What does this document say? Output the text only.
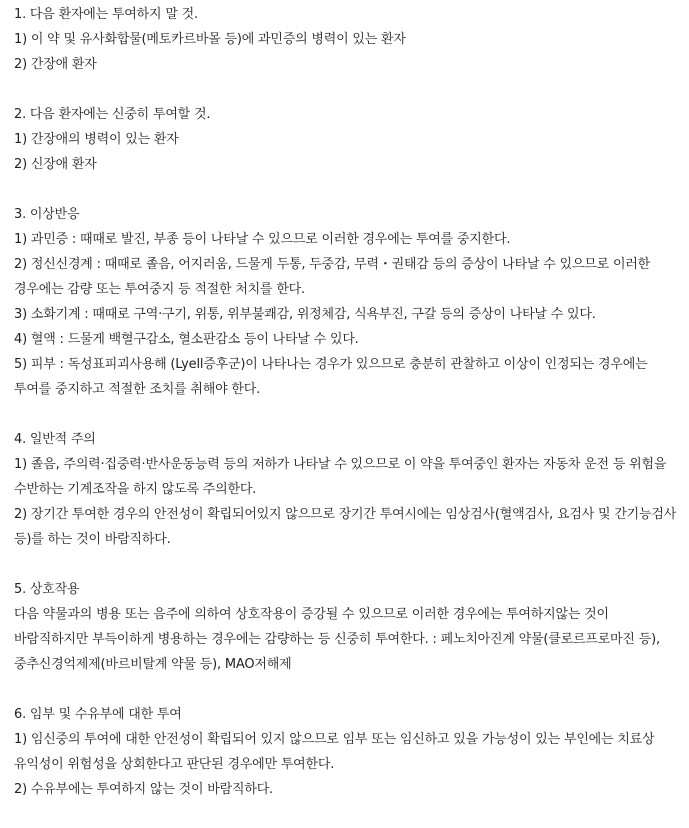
1. 다음 환자에는 투여하지 말 것.
1) 이 약 및 유사화합물(메토카르바몰 등)에 과민증의 병력이 있는 환자
2) 간장애 환자
2. 다음 환자에는 신중히 투여할 것.
1) 간장애의 병력이 있는 환자
2) 신장애 환자
3. 이상반응
1) 과민증 : 때때로 발진, 부종 등이 나타날 수 있으므로 이러한 경우에는 투여를 중지한다.
2) 정신신경계 : 때때로 졸음, 어지러움, 드물게 두통, 두중감, 무력・권태감 등의 증상이 나타날 수 있으므로 이러한 경우에는 감량 또는 투여중지 등 적절한 처치를 한다.
3) 소화기계 : 때때로 구역·구기, 위통, 위부불쾌감, 위정체감, 식욕부진, 구갈 등의 증상이 나타날 수 있다.
4) 혈액 : 드물게 백혈구감소, 혈소판감소 등이 나타날 수 있다.
5) 피부 : 독성표피괴사용해 (Lyell증후군)이 나타나는 경우가 있으므로 충분히 관찰하고 이상이 인정되는 경우에는 투여를 중지하고 적절한 조치를 취해야 한다.
4. 일반적 주의
1) 졸음, 주의력·집중력·반사운동능력 등의 저하가 나타날 수 있으므로 이 약을 투여중인 환자는 자동차 운전 등 위험을 수반하는 기계조작을 하지 않도록 주의한다.
2) 장기간 투여한 경우의 안전성이 확립되어있지 않으므로 장기간 투여시에는 임상검사(혈액검사, 요검사 및 간기능검사 등)를 하는 것이 바람직하다.
5. 상호작용
다음 약물과의 병용 또는 음주에 의하여 상호작용이 증강될 수 있으므로 이러한 경우에는 투여하지않는 것이 바람직하지만 부득이하게 병용하는 경우에는 감량하는 등 신중히 투여한다. : 페노치아진계 약물(클로르프로마진 등), 중추신경억제제(바르비탈계 약물 등), MAO저해제
6. 임부 및 수유부에 대한 투여
1) 임신중의 투여에 대한 안전성이 확립되어 있지 않으므로 임부 또는 임신하고 있을 가능성이 있는 부인에는 치료상 유익성이 위험성을 상회한다고 판단된 경우에만 투여한다.
2) 수유부에는 투여하지 않는 것이 바람직하다.
